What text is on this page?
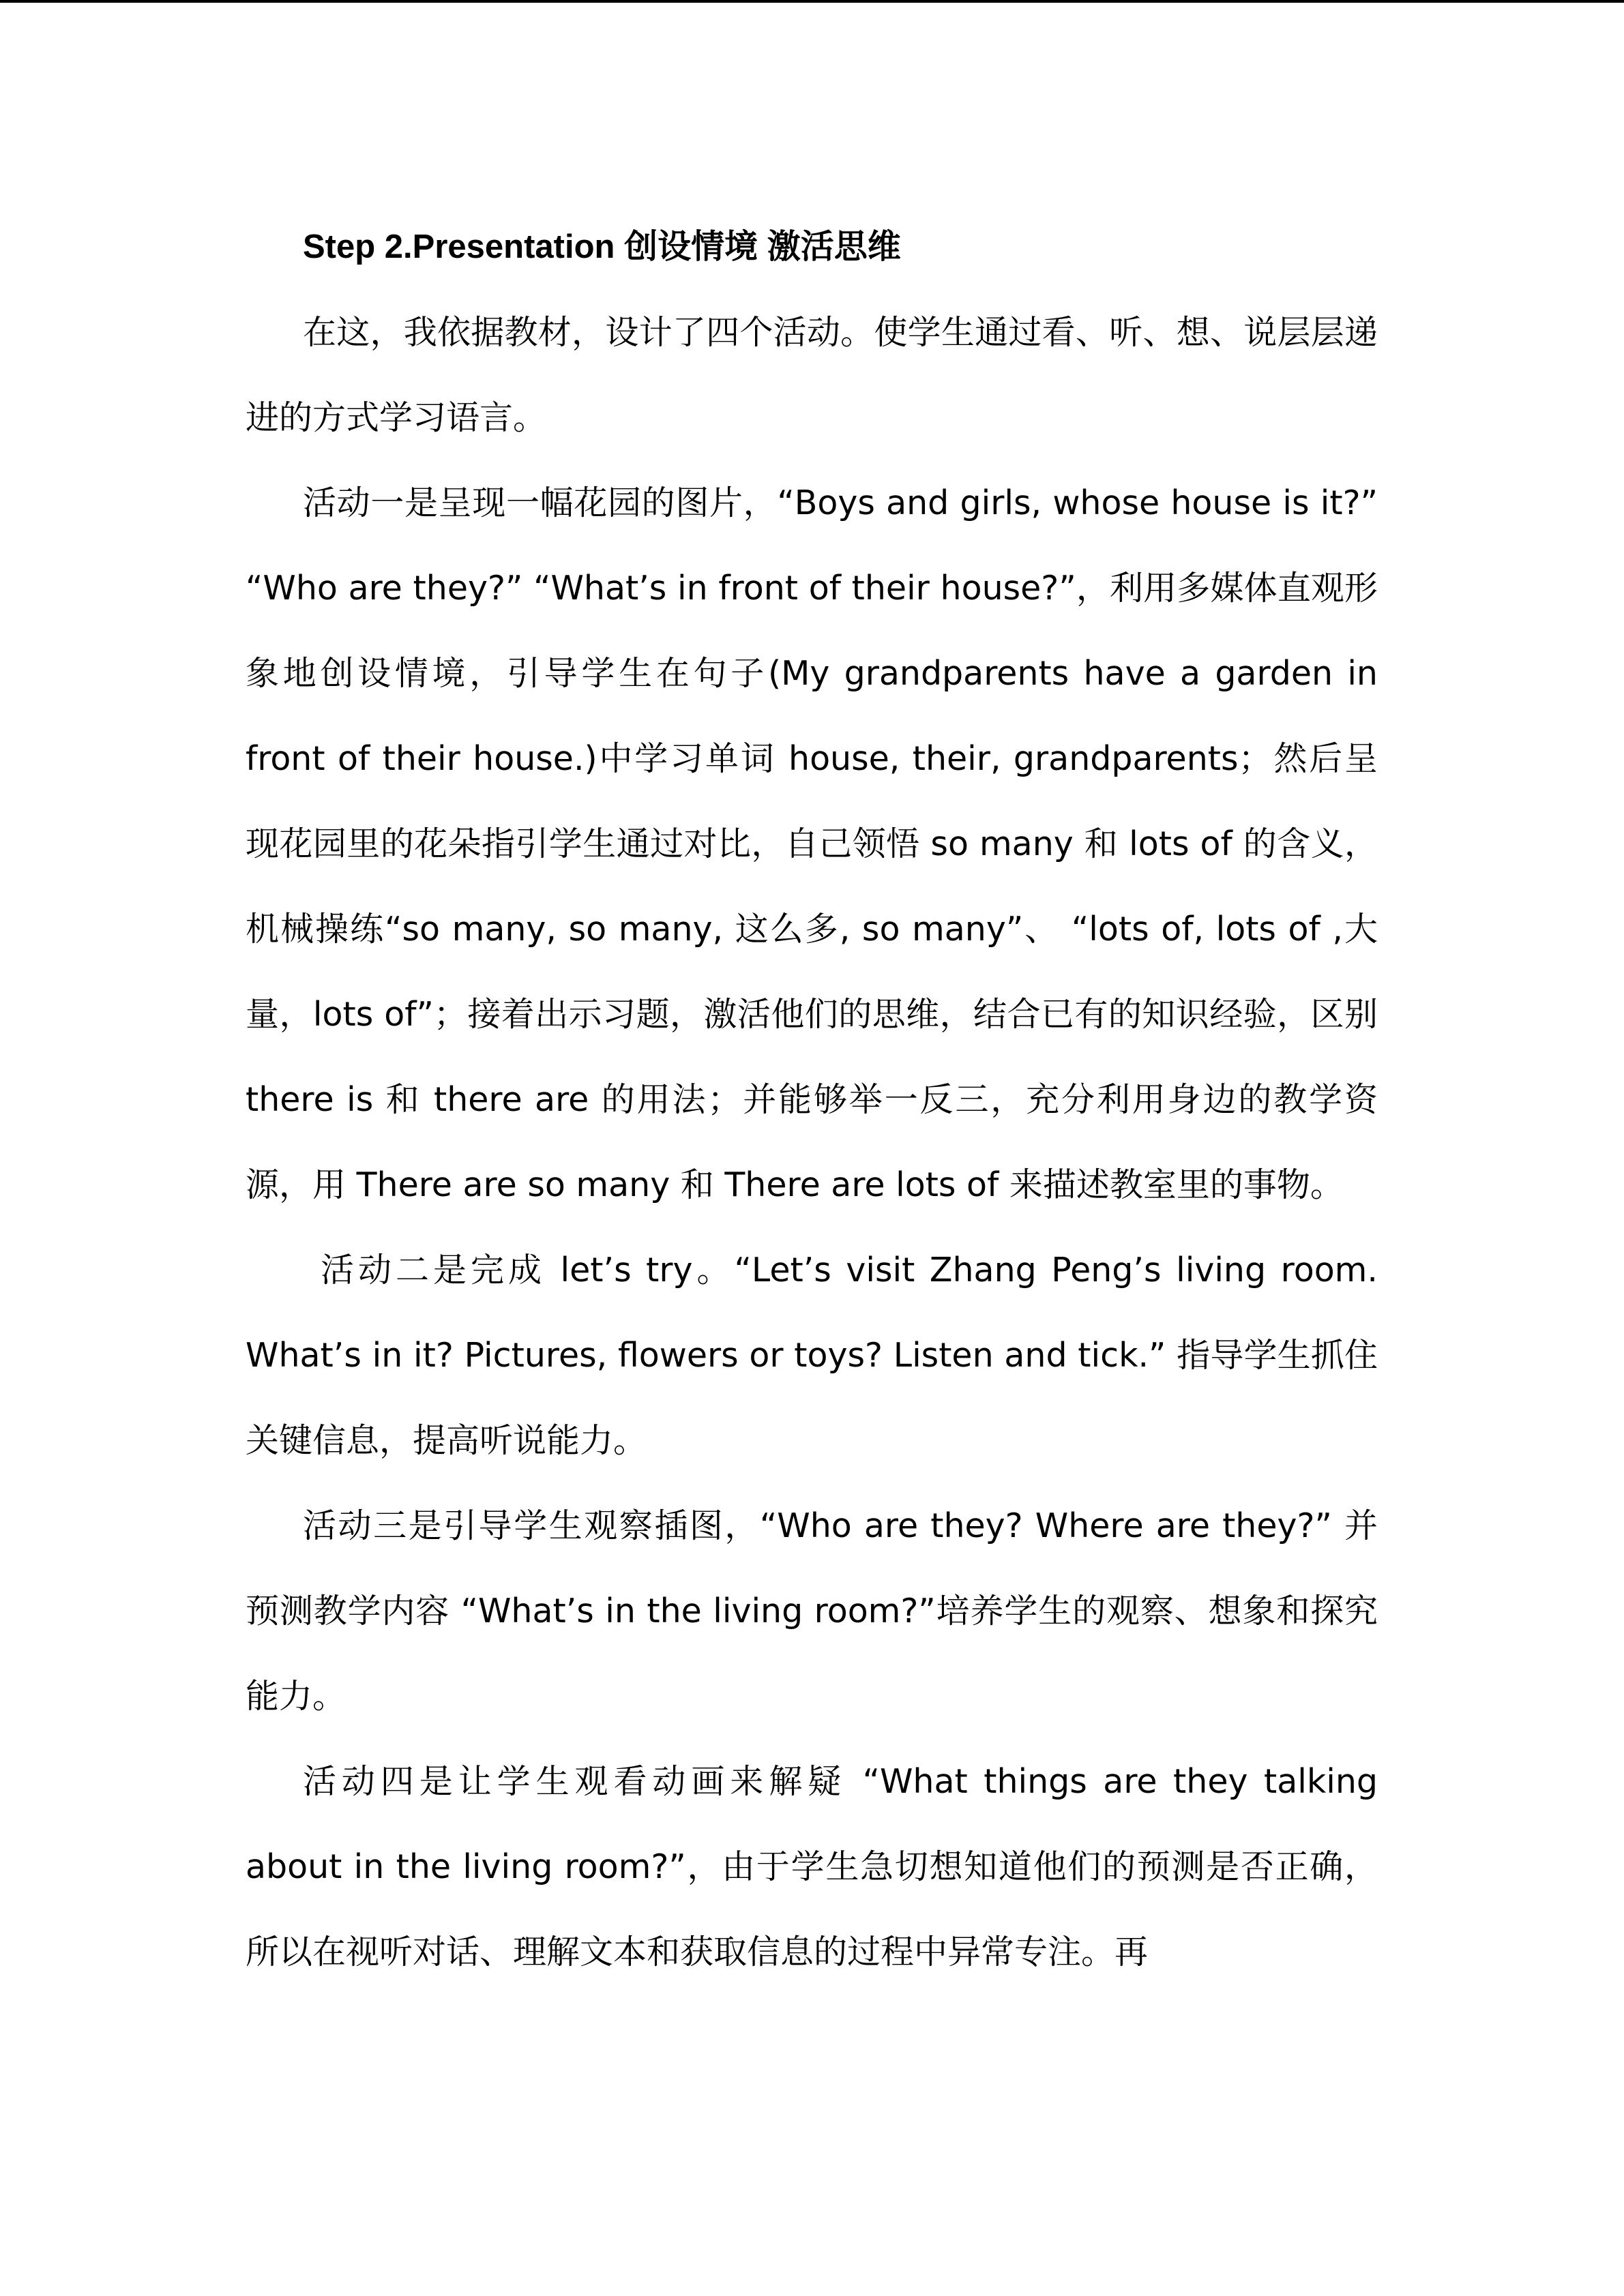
Step 2.Presentation 创设情境 激活思维

在这，我依据教材，设计了四个活动。使学生通过看、听、想、说层层递进的方式学习语言。

活动一是呈现一幅花园的图片，“Boys and girls, whose house is it?” “Who are they?” “What’s in front of their house?”，利用多媒体直观形象地创设情境，引导学生在句子(My grandparents have a garden in front of their house.)中学习单词 house, their, grandparents；然后呈现花园里的花朵指引学生通过对比，自己领悟 so many 和 lots of 的含义，机械操练“so many, so many, 这么多, so many”、 “lots of, lots of ,大量，lots of”；接着出示习题，激活他们的思维，结合已有的知识经验，区别 there is 和 there are 的用法；并能够举一反三，充分利用身边的教学资源，用 There are so many 和 There are lots of 来描述教室里的事物。

活动二是完成 let’s try。“Let’s visit Zhang Peng’s living room. What’s in it? Pictures, flowers or toys? Listen and tick.” 指导学生抓住关键信息，提高听说能力。

活动三是引导学生观察插图，“Who are they? Where are they?” 并预测教学内容 “What’s in the living room?”培养学生的观察、想象和探究能力。

活动四是让学生观看动画来解疑 “What things are they talking about in the living room?”，由于学生急切想知道他们的预测是否正确，所以在视听对话、理解文本和获取信息的过程中异常专注。再
